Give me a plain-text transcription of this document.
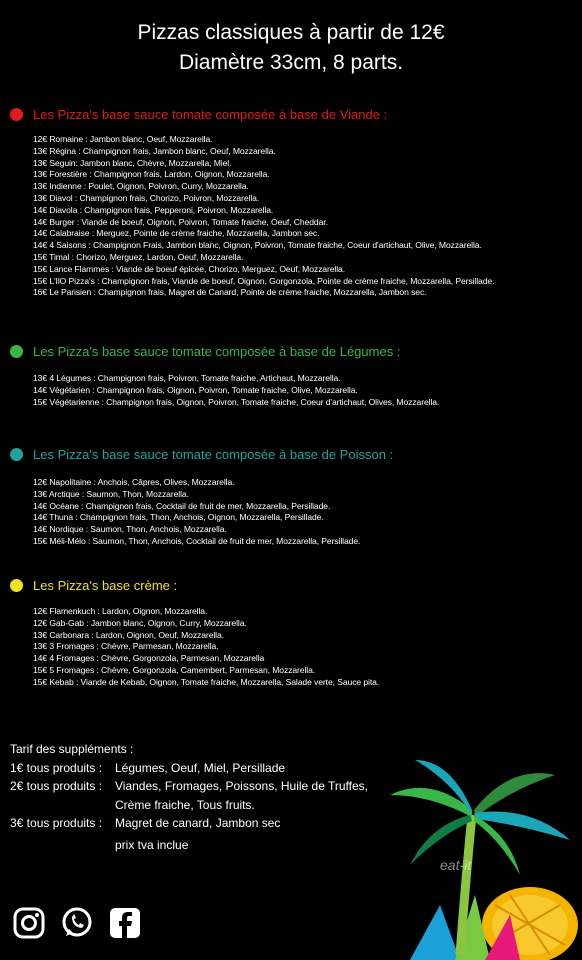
Pizzas classiques à partir de 12€
Diamètre 33cm, 8 parts.
Les Pizza's base sauce tomate composée à base de Viande :
12€ Romaine : Jambon blanc, Oeuf, Mozzarella.
13€ Régina : Champignon frais, Jambon blanc, Oeuf, Mozzarella.
13€ Seguin: Jambon blanc, Chèvre, Mozzarella, Miel.
13€ Forestière : Champignon frais, Lardon, Oignon, Mozzarella.
13€ Indienne : Poulet, Oignon, Poivron, Curry, Mozzarella.
13€ Diavol : Champignon frais, Chorizo, Poivron, Mozzarella.
14€ Diavola : Champignon frais, Pepperoni, Poivron, Mozzarella.
14€ Burger : Viande de boeuf, Oignon, Poivron, Tomate fraiche, Oeuf, Cheddar.
14€ Calabraise : Merguez, Pointe de crème fraiche, Mozzarella, Jambon sec.
14€ 4 Saisons : Champignon Frais, Jambon blanc, Oignon, Poivron, Tomate fraiche, Coeur d'artichaut, Olive, Mozzarella.
15€ Timal : Chorizo, Merguez, Lardon, Oeuf, Mozzarella.
15€ Lance Flammes : Viande de boeuf épicée, Chorizo, Merguez, Oeuf, Mozzarella.
15€ L'IlO Pizza's : Champignon frais, Viande de boeuf, Oignon, Gorgonzola, Pointe de crème fraiche, Mozzarella, Persillade.
16€ Le Parisien : Champignon frais, Magret de Canard, Pointe de crème fraiche, Mozzarella, Jambon sec.
Les Pizza's base sauce tomate composée à base de Légumes :
13€ 4 Légumes : Champignon frais, Poivron, Tomate fraiche, Artichaut, Mozzarella.
14€ Végétarien : Champignon frais, Oignon, Poivron, Tomate fraiche, Olive, Mozzarella.
15€ Végétarienne : Champignon frais, Oignon, Poivron, Tomate fraiche, Coeur d'artichaut, Olives, Mozzarella.
Les Pizza's base sauce tomate composée à base de Poisson :
12€ Napolitaine : Anchois, Câpres, Olives, Mozzarella.
13€ Arctique : Saumon, Thon, Mozzarella.
14€ Océane : Champignon frais, Cocktail de fruit de mer, Mozzarella, Persillade.
14€ Thuna : Champignon frais, Thon, Anchois, Oignon, Mozzarella, Persillade.
14€ Nordique : Saumon, Thon, Anchois, Mozzarella.
15€ Méli-Mélo : Saumon, Thon, Anchois, Cocktail de fruit de mer, Mozzarella, Persillade.
Les Pizza's base crème :
12€ Flamenkuch : Lardon, Oignon, Mozzarella.
12€ Gab-Gab : Jambon blanc, Oignon, Curry, Mozzarella.
13€ Carbonara : Lardon, Oignon, Oeuf, Mozzarella.
13€ 3 Fromages : Chèvre, Parmesan, Mozzarella.
14€ 4 Fromages : Chèvre, Gorgonzola, Parmesan, Mozzarella
15€ 5 Fromages : Chèvre, Gorgonzola, Camembert, Parmesan, Mozzarella.
15€ Kebab : Viande de Kebab, Oignon, Tomate fraiche, Mozzarella, Salade verte, Sauce pita.
eat-it
Tarif des suppléments :
1€ tous produits :	Légumes, Oeuf, Miel, Persillade
2€ tous produits :	Viandes, Fromages, Poissons, Huile de Truffes,
Crème fraiche, Tous fruits.
3€ tous produits :	Magret de canard, Jambon sec
prix tva inclue
